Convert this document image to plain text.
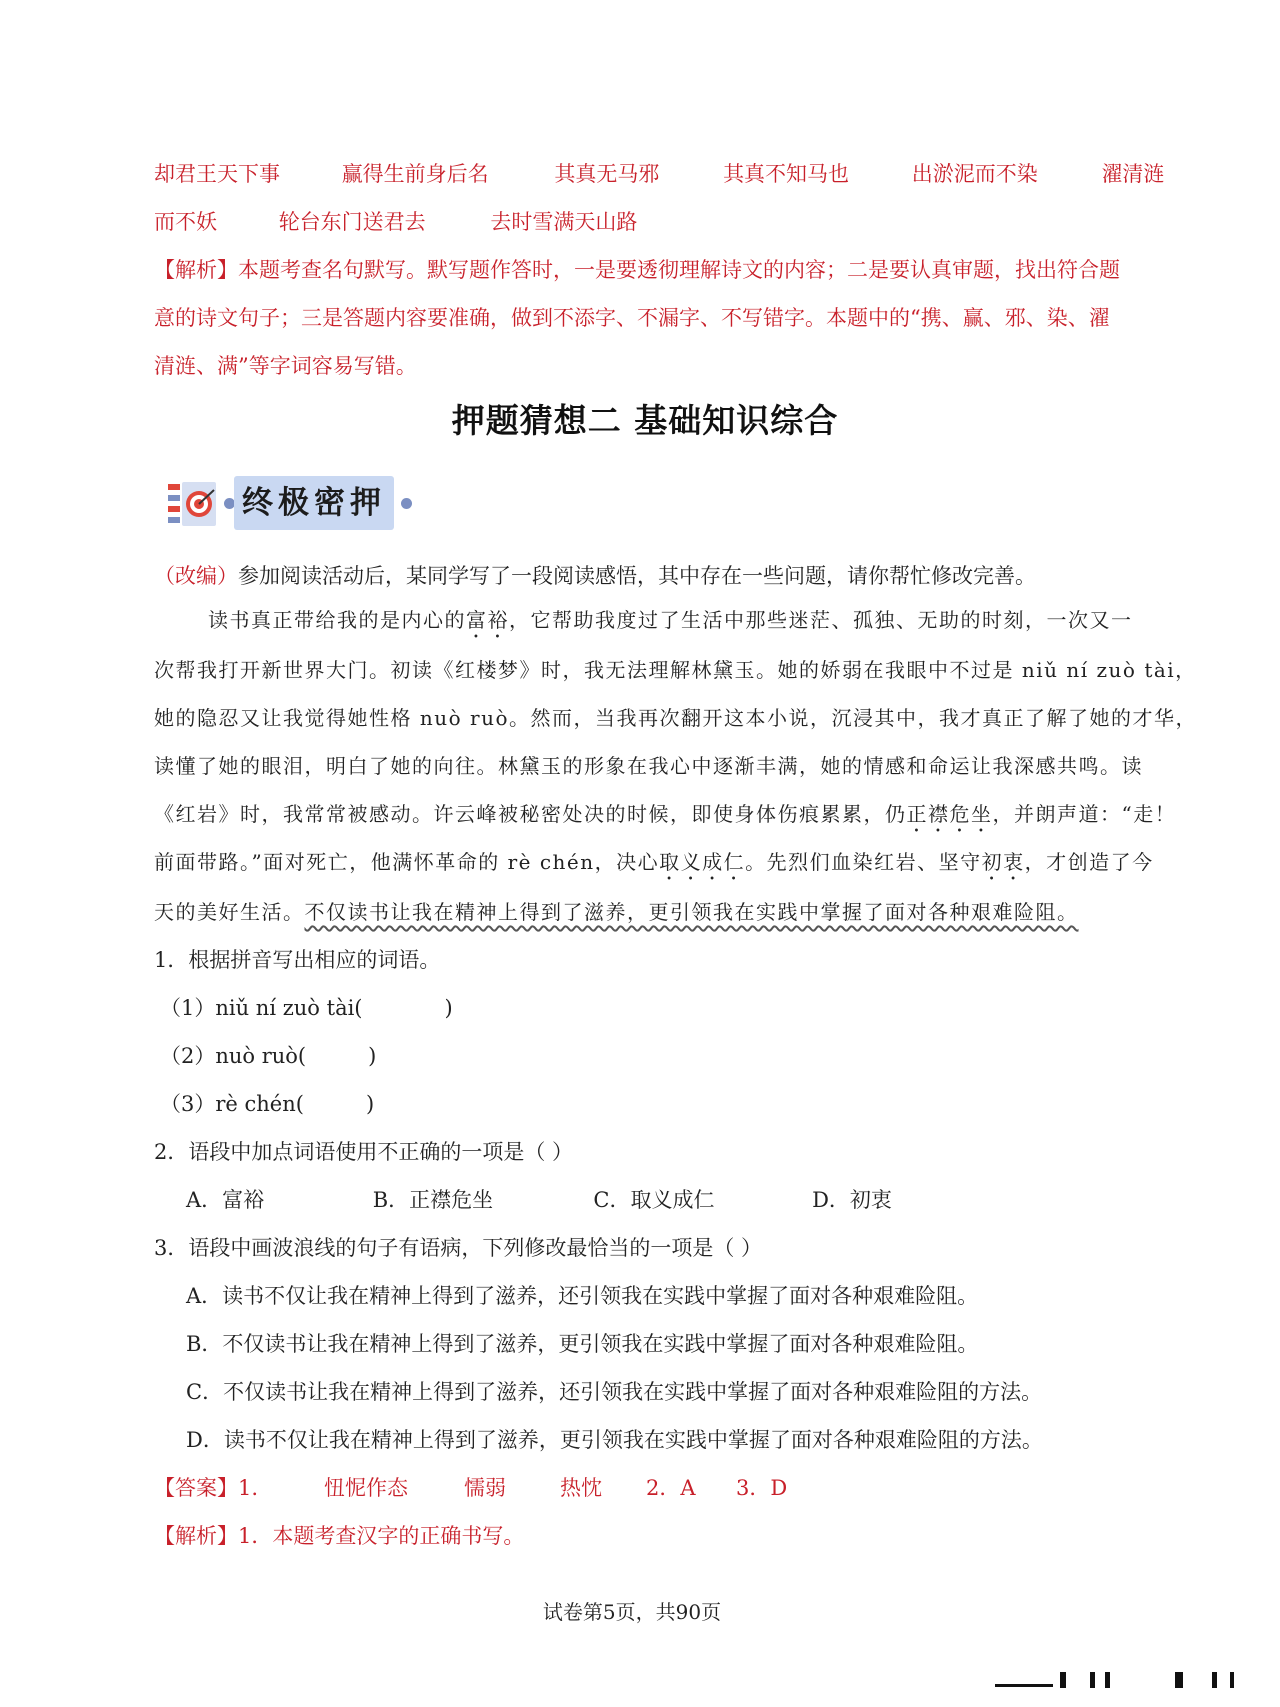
却君王天下事	赢得生前身后名	其真无马邪	其真不知马也	出淤泥而不染	濯清涟
而不妖	轮台东门送君去	去时雪满天山路
【解析】本题考查名句默写。默写题作答时，一是要透彻理解诗文的内容；二是要认真审题，找出符合题
意的诗文句子；三是答题内容要准确，做到不添字、不漏字、不写错字。本题中的“携、赢、邪、染、濯
清涟、满”等字词容易写错。
押题猜想二 基础知识综合
终极密押
（改编）参加阅读活动后，某同学写了一段阅读感悟，其中存在一些问题，请你帮忙修改完善。
读书真正带给我的是内心的富裕，它帮助我度过了生活中那些迷茫、孤独、无助的时刻，一次又一
次帮我打开新世界大门。初读《红楼梦》时，我无法理解林黛玉。她的娇弱在我眼中不过是 niǔ ní zuò tài，
她的隐忍又让我觉得她性格 nuò ruò。然而，当我再次翻开这本小说，沉浸其中，我才真正了解了她的才华，
读懂了她的眼泪，明白了她的向往。林黛玉的形象在我心中逐渐丰满，她的情感和命运让我深感共鸣。读
《红岩》时，我常常被感动。许云峰被秘密处决的时候，即使身体伤痕累累，仍正襟危坐，并朗声道：“走！
前面带路。”面对死亡，他满怀革命的 rè chén，决心取义成仁。先烈们血染红岩、坚守初衷，才创造了今
天的美好生活。不仅读书让我在精神上得到了滋养，更引领我在实践中掌握了面对各种艰难险阻。
1．根据拼音写出相应的词语。
（1）niǔ ní zuò tài(	)
（2）nuò ruò(	)
（3）rè chén(	)
2．语段中加点词语使用不正确的一项是（ ）
A．富裕	B．正襟危坐	C．取义成仁	D．初衷
3．语段中画波浪线的句子有语病，下列修改最恰当的一项是（ ）
A．读书不仅让我在精神上得到了滋养，还引领我在实践中掌握了面对各种艰难险阻。
B．不仅读书让我在精神上得到了滋养，更引领我在实践中掌握了面对各种艰难险阻。
C．不仅读书让我在精神上得到了滋养，还引领我在实践中掌握了面对各种艰难险阻的方法。
D．读书不仅让我在精神上得到了滋养，更引领我在实践中掌握了面对各种艰难险阻的方法。
【答案】1.	忸怩作态	懦弱	热忱 2．A 3．D
【解析】1．本题考查汉字的正确书写。
试卷第5页，共90页
